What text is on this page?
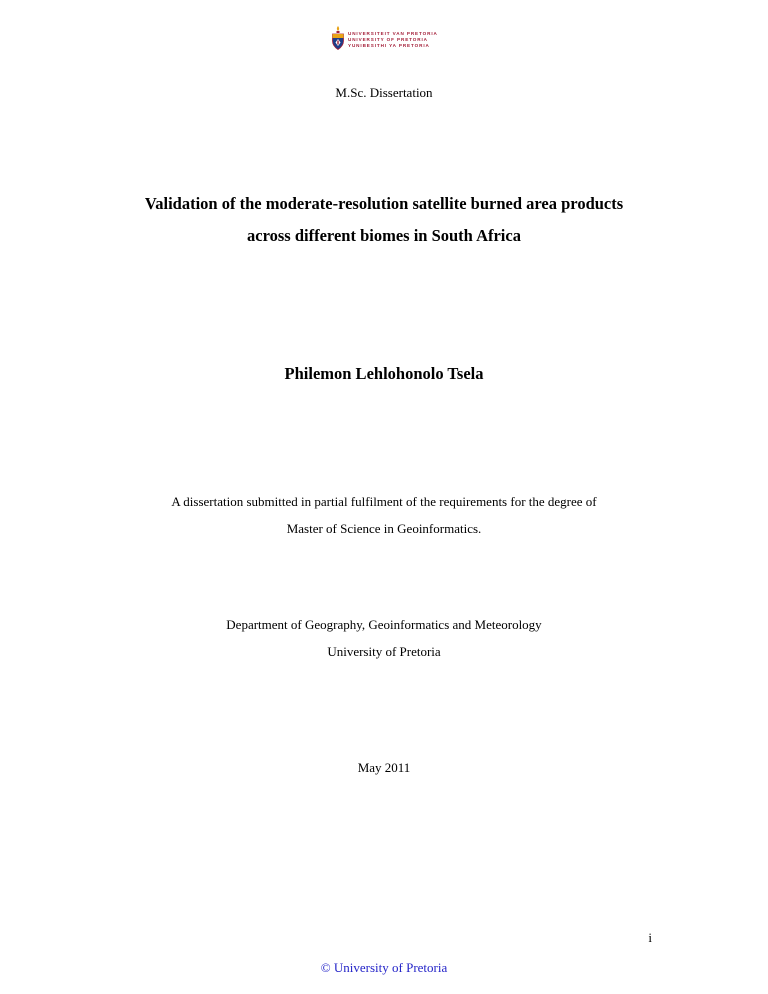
UNIVERSITEIT VAN PRETORIA
UNIVERSITY OF PRETORIA
YUNIBESITHI YA PRETORIA
M.Sc. Dissertation
Validation of the moderate-resolution satellite burned area products
across different biomes in South Africa
Philemon Lehlohonolo Tsela
A dissertation submitted in partial fulfilment of the requirements for the degree of
Master of Science in Geoinformatics.
Department of Geography, Geoinformatics and Meteorology
University of Pretoria
May 2011
i
© University of Pretoria
